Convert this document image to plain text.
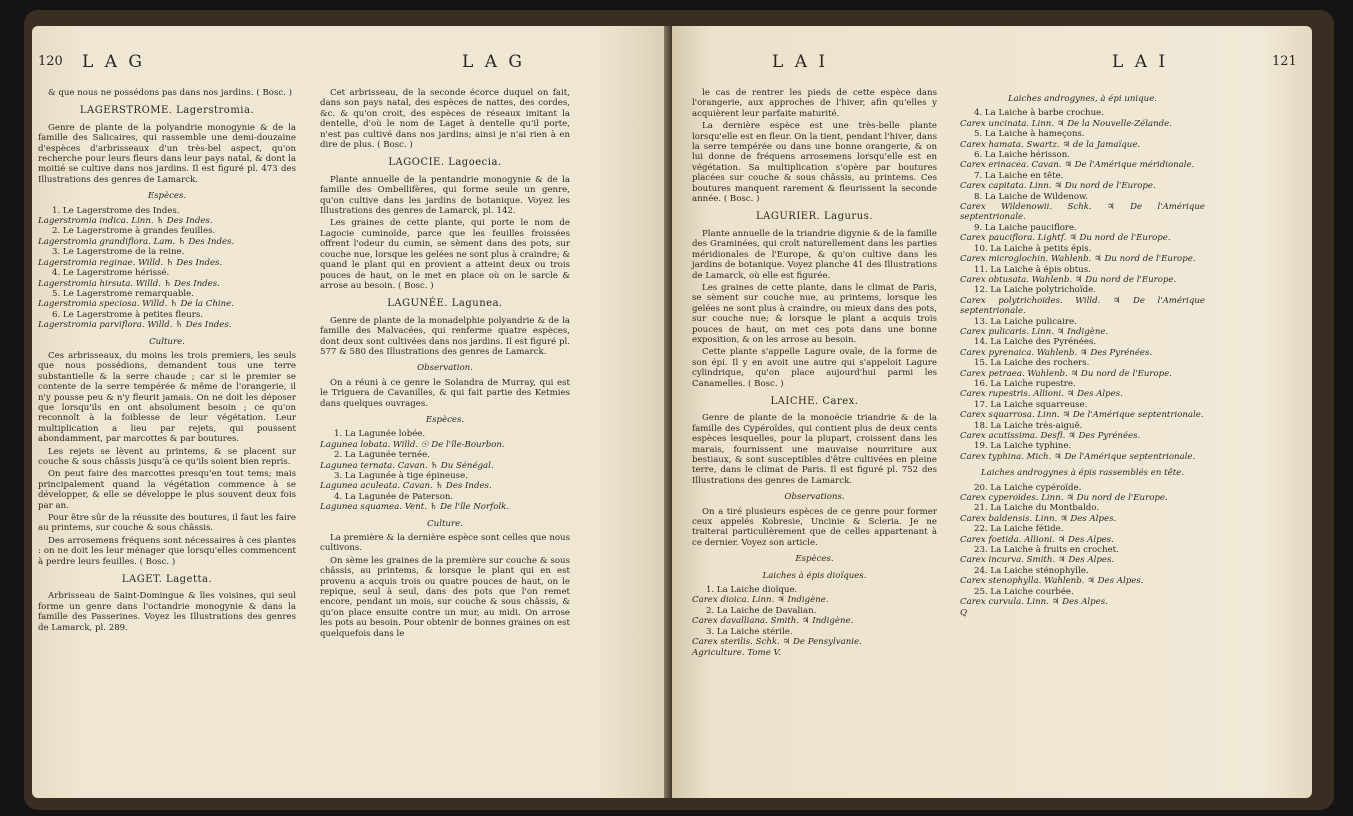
120 L A G	L A G

& que nous ne possédons pas dans nos jardins. ( Bosc. )

LAGERSTROME. Lagerstromia.

Genre de plante de la polyandrie monogynie & de la famille des Salicaires, qui rassemble une demi-douzaine d'espèces d'arbrisseaux d'un très-bel aspect, qu'on recherche pour leurs fleurs dans leur pays natal, & dont la moitié se cultive dans nos jardins. Il est figuré pl. 473 des Illustrations des genres de Lamarck.

Espèces.

1. Le Lagerstrome des Indes.

Lagerstromia indica. Linn. ♄ Des Indes.

2. Le Lagerstrome à grandes feuilles.

Lagerstromia grandiflora. Lam. ♄ Des Indes.

3. Le Lagerstrome de la reine.

Lagerstromia reginae. Willd. ♄ Des Indes.

4. Le Lagerstrome hérissé.

Lagerstromia hirsuta. Willd. ♄ Des Indes.

5. Le Lagerstrome remarquable.

Lagerstromia speciosa. Willd. ♄ De la Chine.

6. Le Lagerstrome à petites fleurs.

Lagerstromia parviflora. Willd. ♄ Des Indes.

Culture.

Ces arbrisseaux, du moins les trois premiers, les seuls que nous possédions, demandent tous une terre substantielle & la serre chaude ; car si le premier se contente de la serre tempérée & même de l'orangerie, il n'y pousse peu & n'y fleurit jamais. On ne doit les déposer que lorsqu'ils en ont absolument besoin ; ce qu'on reconnoît à la foiblesse de leur végétation. Leur multiplication a lieu par rejets, qui poussent abondamment, par marcottes & par boutures.

Les rejets se lèvent au printems, & se placent sur couche & sous châssis jusqu'à ce qu'ils soient bien repris.

On peut faire des marcottes presqu'en tout tems; mais principalement quand la végétation commence à se développer, & elle se développe le plus souvent deux fois par an.

Pour être sûr de la réussite des boutures, il faut les faire au printems, sur couche & sous châssis.

Des arrosemens fréquens sont nécessaires à ces plantes : on ne doit les leur ménager que lorsqu'elles commencent à perdre leurs feuilles. ( Bosc. )

LAGET. Lagetta.

Arbrisseau de Saint-Domingue & îles voisines, qui seul forme un genre dans l'octandrie monogynie & dans la famille des Passerines. Voyez les Illustrations des genres de Lamarck, pl. 289.

Cet arbrisseau, de la seconde écorce duquel on fait, dans son pays natal, des espèces de nattes, des cordes, &c. & qu'on croit, des espèces de réseaux imitant la dentelle, d'où le nom de Laget à dentelle qu'il porte, n'est pas cultivé dans nos jardins; ainsi je n'ai rien à en dire de plus. ( Bosc. )

LAGOCIE. Lagoecia.

Plante annuelle de la pentandrie monogynie & de la famille des Ombellifères, qui forme seule un genre, qu'on cultive dans les jardins de botanique. Voyez les Illustrations des genres de Lamarck, pl. 142.

Les graines de cette plante, qui porte le nom de Lagocie cuminoïde, parce que les feuilles froissées offrent l'odeur du cumin, se sèment dans des pots, sur couche nue, lorsque les gelées ne sont plus à craindre; & quand le plant qui en provient a atteint deux ou trois pouces de haut, on le met en place où on le sarcle & arrose au besoin. ( Bosc. )

LAGUNÉE. Lagunea.

Genre de plante de la monadelphie polyandrie & de la famille des Malvacées, qui renferme quatre espèces, dont deux sont cultivées dans nos jardins. Il est figuré pl. 577 & 580 des Illustrations des genres de Lamarck.

Observation.

On a réuni à ce genre le Solandra de Murray, qui est le Triguera de Cavanilles, & qui fait partie des Ketmies dans quelques ouvrages.

Espèces.

1. La Lagunée lobée.

Lagunea lobata. Willd. ☉ De l'île-Bourbon.

2. La Lagunée ternée.

Lagunea ternata. Cavan. ♄ Du Sénégal.

3. La Lagunée à tige épineuse.

Lagunea aculeata. Cavan. ♄ Des Indes.

4. La Lagunée de Paterson.

Lagunea squamea. Vent. ♄ De l'île Norfolk.

Culture.

La première & la dernière espèce sont celles que nous cultivons.

On sème les graines de la première sur couche & sous châssis, au printems, & lorsque le plant qui en est provenu a acquis trois ou quatre pouces de haut, on le repique, seul à seul, dans des pots que l'on remet encore, pendant un mois, sur couche & sous châssis, & qu'on place ensuite contre un mur, au midi. On arrose les pots au besoin. Pour obtenir de bonnes graines on est quelquefois dans le

L A I	L A I	121

le cas de rentrer les pieds de cette espèce dans l'orangerie, aux approches de l'hiver, afin qu'elles y acquièrent leur parfaite maturité.

La dernière espèce est une très-belle plante lorsqu'elle est en fleur. On la tient, pendant l'hiver, dans la serre tempérée ou dans une bonne orangerie, & on lui donne de fréquens arrosemens lorsqu'elle est en végétation. Sa multiplication s'opère par boutures placées sur couche & sous châssis, au printems. Ces boutures manquent rarement & fleurissent la seconde année. ( Bosc. )

LAGURIER. Lagurus.

Plante annuelle de la triandrie digynie & de la famille des Graminées, qui croît naturellement dans les parties méridionales de l'Europe, & qu'on cultive dans les jardins de botanique. Voyez planche 41 des Illustrations de Lamarck, où elle est figurée.

Les graines de cette plante, dans le climat de Paris, se sèment sur couche nue, au printems, lorsque les gelées ne sont plus à craindre, ou mieux dans des pots, sur couche nue; & lorsque le plant a acquis trois pouces de haut, on met ces pots dans une bonne exposition, & on les arrose au besoin.

Cette plante s'appelle Lagure ovale, de la forme de son épi. Il y en avoit une autre qui s'appeloit Lagure cylindrique, qu'on place aujourd'hui parmi les Canamelles. ( Bosc. )

LAICHE. Carex.

Genre de plante de la monoécie triandrie & de la famille des Cypéroïdes, qui contient plus de deux cents espèces lesquelles, pour la plupart, croissent dans les marais, fournissent une mauvaise nourriture aux bestiaux, & sont susceptibles d'être cultivées en pleine terre, dans le climat de Paris. Il est figuré pl. 752 des Illustrations des genres de Lamarck.

Observations.

On a tiré plusieurs espèces de ce genre pour former ceux appelés Kobresie, Uncinie & Scleria. Je ne traiterai particulièrement que de celles appartenant à ce dernier. Voyez son article.

Espèces.

Laiches à épis dioïques.

1. La Laiche dioïque.

Carex dioica. Linn. ♃ Indigène.

2. La Laiche de Davalian.

Carex davalliana. Smith. ♃ Indigène.

3. La Laiche stérile.

Carex sterilis. Schk. ♃ De Pensylvanie.

Agriculture. Tome V.

Laiches androgynes, à épi unique.

4. La Laiche à barbe crochue.

Carex uncinata. Linn. ♃ De la Nouvelle-Zélande.

5. La Laiche à hameçons.

Carex hamata. Swartz. ♃ de la Jamaïque.

6. La Laiche hérisson.

Carex erinacea. Cavan. ♃ De l'Amérique méridionale.

7. La Laiche en tête.

Carex capitata. Linn. ♃ Du nord de l'Europe.

8. La Laiche de Wildenow.

Carex Wildenowii. Schk. ♃ De l'Amérique septentrionale.

9. La Laiche pauciflore.

Carex pauciflora. Lightf. ♃ Du nord de l'Europe.

10. La Laiche à petits épis.

Carex microglochin. Wahlenb. ♃ Du nord de l'Europe.

11. La Laiche à épis obtus.

Carex obtusata. Wahlenb. ♃ Du nord de l'Europe.

12. La Laiche polytrichoïde.

Carex polytrichoides. Willd. ♃ De l'Amérique septentrionale.

13. La Laiche pulicaire.

Carex pulicaris. Linn. ♃ Indigène.

14. La Laiche des Pyrénées.

Carex pyrenaica. Wahlenb. ♃ Des Pyrénées.

15. La Laiche des rochers.

Carex petraea. Wahlenb. ♃ Du nord de l'Europe.

16. La Laiche rupestre.

Carex rupestris. Allioni. ♃ Des Alpes.

17. La Laiche squarreuse.

Carex squarrosa. Linn. ♃ De l'Amérique septentrionale.

18. La Laiche très-aiguë.

Carex acutissima. Desfl. ♃ Des Pyrénées.

19. La Laiche typhine.

Carex typhina. Mich. ♃ De l'Amérique septentrionale.

Laiches androgynes à épis rassemblés en tête.

20. La Laiche cypéroïde.

Carex cyperoides. Linn. ♃ Du nord de l'Europe.

21. La Laiche du Montbaldo.

Carex baldensis. Linn. ♃ Des Alpes.

22. La Laiche fétide.

Carex foetida. Allioni. ♃ Des Alpes.

23. La Laiche à fruits en crochet.

Carex incurva. Smith. ♃ Des Alpes.

24. La Laiche sténophylle.

Carex stenophylla. Wahlenb. ♃ Des Alpes.

25. La Laiche courbée.

Carex curvula. Linn. ♃ Des Alpes.

Q
